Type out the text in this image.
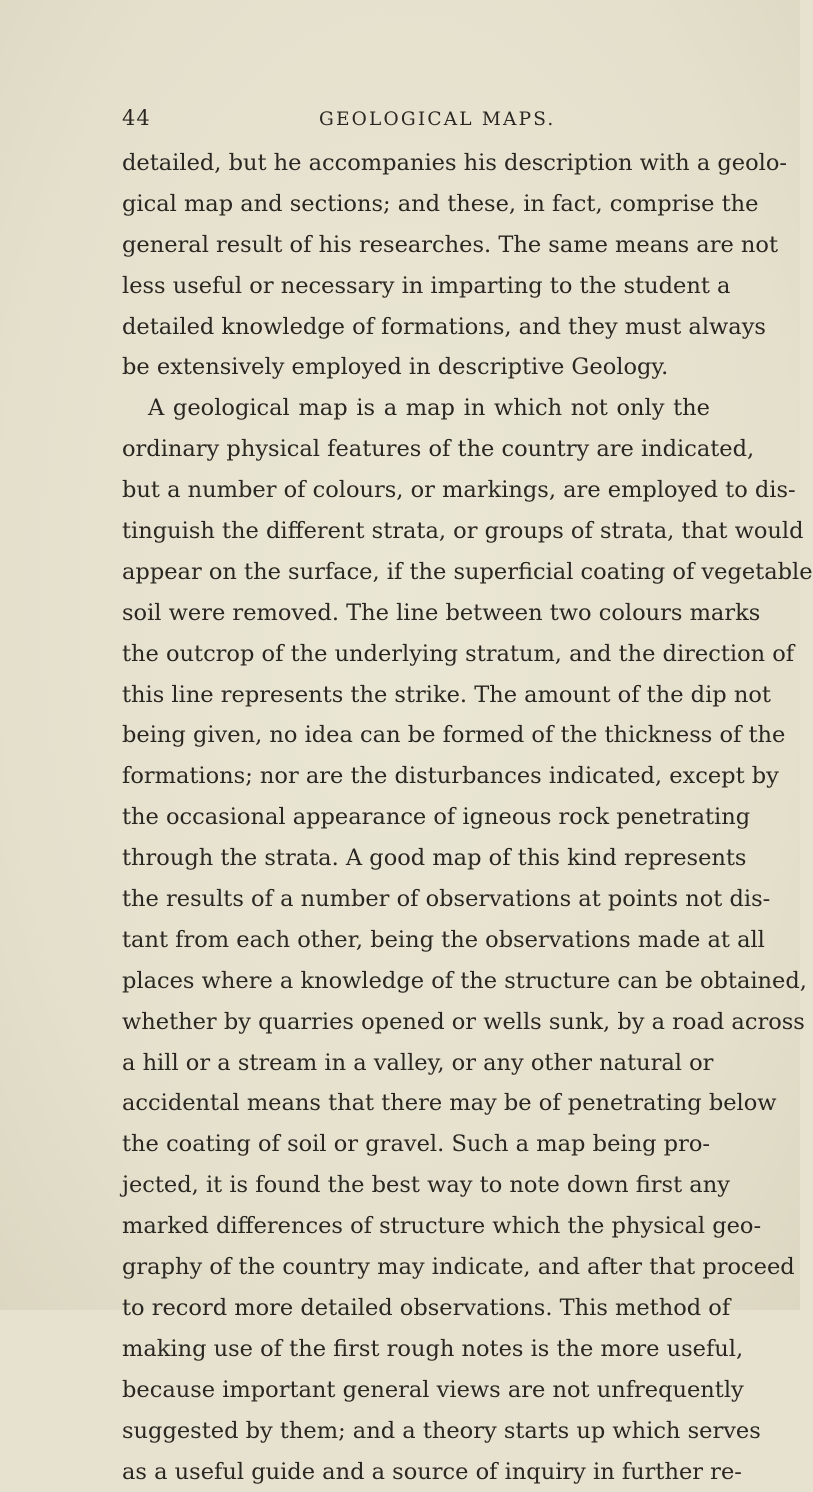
44	GEOLOGICAL MAPS.
detailed, but he accompanies his description with a geolo-
gical map and sections; and these, in fact, comprise the
general result of his researches. The same means are not
less useful or necessary in imparting to the student a
detailed knowledge of formations, and they must always
be extensively employed in descriptive Geology.
A geological map is a map in which not only the
ordinary physical features of the country are indicated,
but a number of colours, or markings, are employed to dis-
tinguish the different strata, or groups of strata, that would
appear on the surface, if the superficial coating of vegetable
soil were removed. The line between two colours marks
the outcrop of the underlying stratum, and the direction of
this line represents the strike. The amount of the dip not
being given, no idea can be formed of the thickness of the
formations; nor are the disturbances indicated, except by
the occasional appearance of igneous rock penetrating
through the strata. A good map of this kind represents
the results of a number of observations at points not dis-
tant from each other, being the observations made at all
places where a knowledge of the structure can be obtained,
whether by quarries opened or wells sunk, by a road across
a hill or a stream in a valley, or any other natural or
accidental means that there may be of penetrating below
the coating of soil or gravel. Such a map being pro-
jected, it is found the best way to note down first any
marked differences of structure which the physical geo-
graphy of the country may indicate, and after that proceed
to record more detailed observations. This method of
making use of the first rough notes is the more useful,
because important general views are not unfrequently
suggested by them; and a theory starts up which serves
as a useful guide and a source of inquiry in further re-
